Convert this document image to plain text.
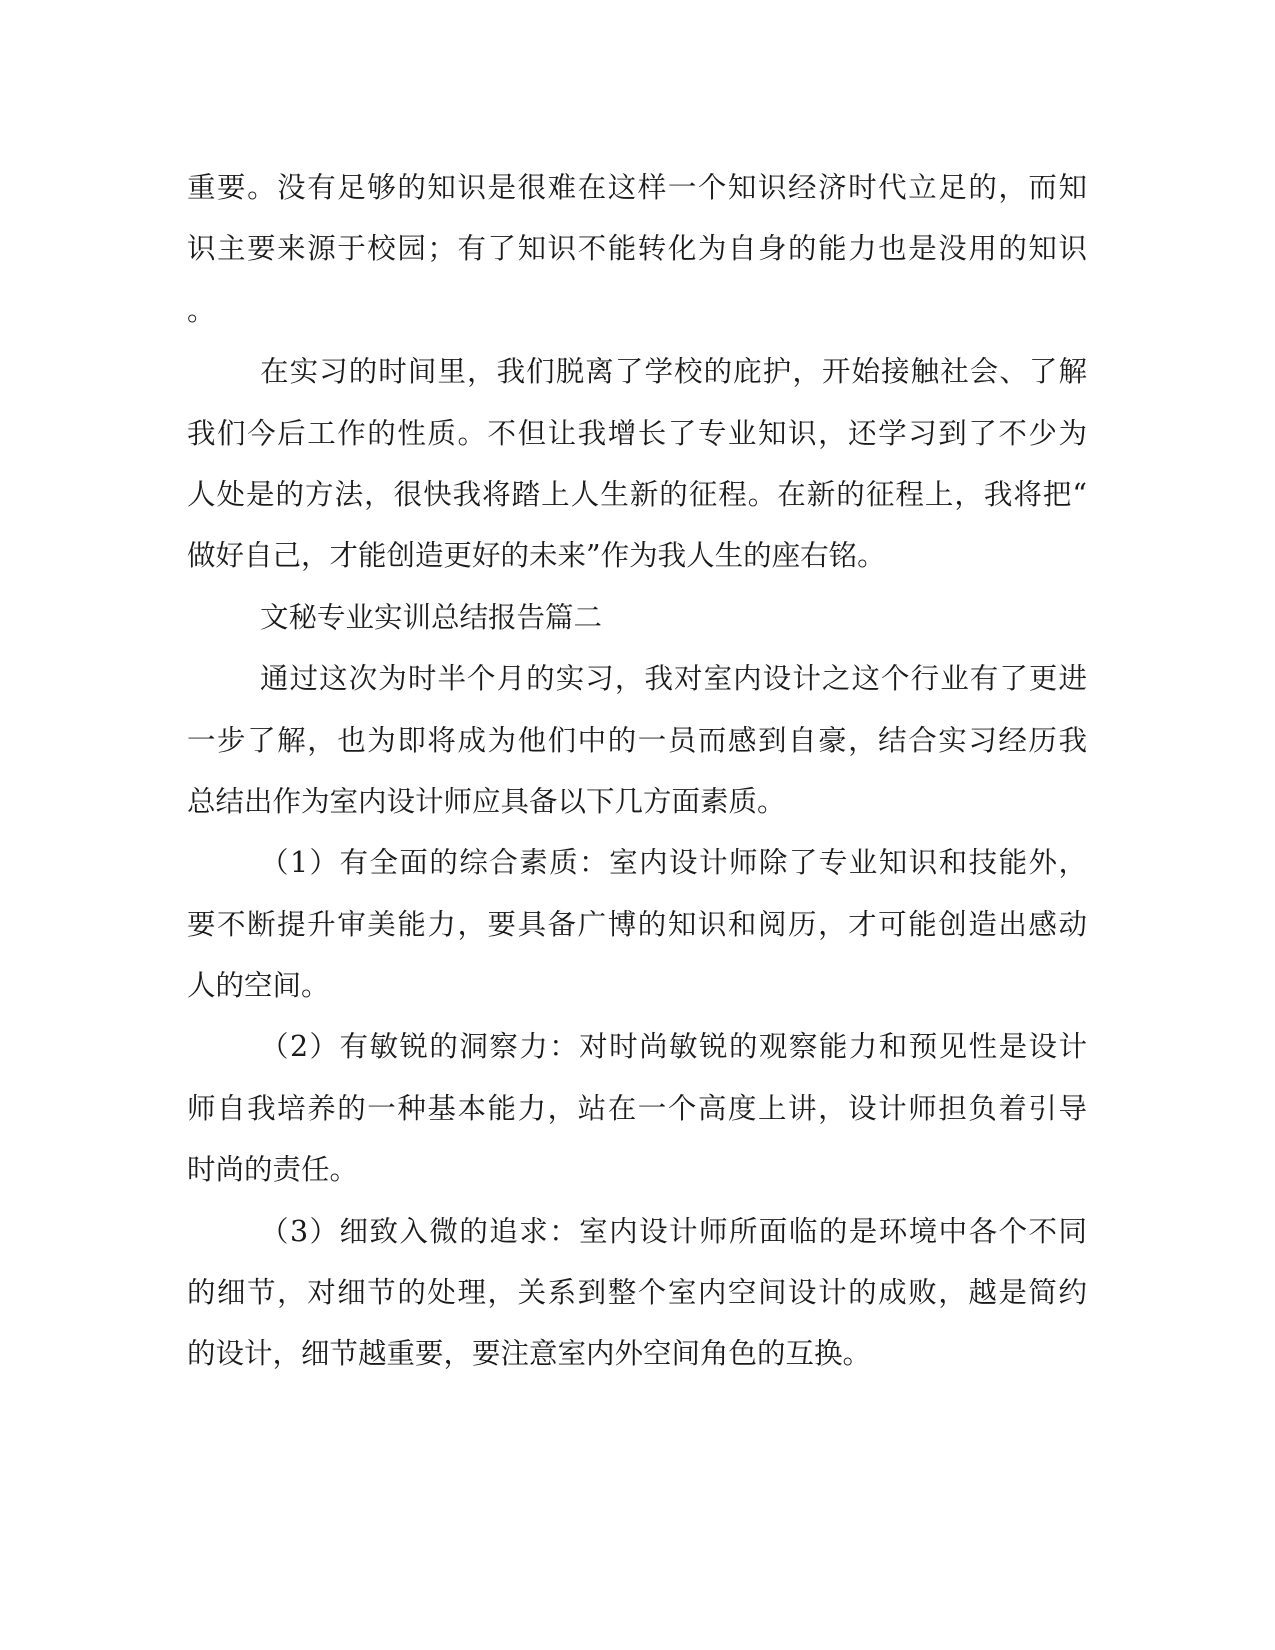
重要。没有足够的知识是很难在这样一个知识经济时代立足的，而知
识主要来源于校园；有了知识不能转化为自身的能力也是没用的知识
。
在实习的时间里，我们脱离了学校的庇护，开始接触社会、了解
我们今后工作的性质。不但让我增长了专业知识，还学习到了不少为
人处是的方法，很快我将踏上人生新的征程。在新的征程上，我将把“
做好自己，才能创造更好的未来”作为我人生的座右铭。
文秘专业实训总结报告篇二
通过这次为时半个月的实习，我对室内设计之这个行业有了更进
一步了解，也为即将成为他们中的一员而感到自豪，结合实习经历我
总结出作为室内设计师应具备以下几方面素质。
（1）有全面的综合素质：室内设计师除了专业知识和技能外，
要不断提升审美能力，要具备广博的知识和阅历，才可能创造出感动
人的空间。
（2）有敏锐的洞察力：对时尚敏锐的观察能力和预见性是设计
师自我培养的一种基本能力，站在一个高度上讲，设计师担负着引导
时尚的责任。
（3）细致入微的追求：室内设计师所面临的是环境中各个不同
的细节，对细节的处理，关系到整个室内空间设计的成败，越是简约
的设计，细节越重要，要注意室内外空间角色的互换。
